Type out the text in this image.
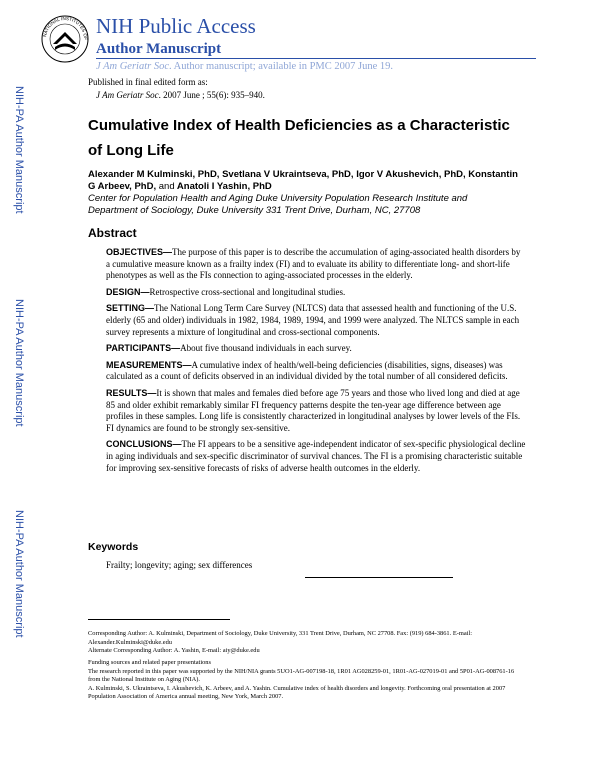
NATIONAL INSTITUTES OF
NIH Public Access
Author Manuscript
J Am Geriatr Soc. Author manuscript; available in PMC 2007 June 19.
Published in final edited form as:
J Am Geriatr Soc. 2007 June ; 55(6): 935–940.
NIH-PA Author Manuscript
NIH-PA Author Manuscript
NIH-PA Author Manuscript
Cumulative Index of Health Deficiencies as a Characteristic of Long Life
Alexander M Kulminski, PhD, Svetlana V Ukraintseva, PhD, Igor V Akushevich, PhD, Konstantin G Arbeev, PhD, and Anatoli I Yashin, PhD
Center for Population Health and Aging Duke University Population Research Institute and Department of Sociology, Duke University 331 Trent Drive, Durham, NC, 27708
Abstract

OBJECTIVES—The purpose of this paper is to describe the accumulation of aging-associated health disorders by a cumulative measure known as a frailty index (FI) and to evaluate its ability to differentiate long- and short-life phenotypes as well as the FIs connection to aging-associated processes in the elderly.

DESIGN—Retrospective cross-sectional and longitudinal studies.

SETTING—The National Long Term Care Survey (NLTCS) data that assessed health and functioning of the U.S. elderly (65 and older) individuals in 1982, 1984, 1989, 1994, and 1999 were analyzed. The NLTCS sample in each survey represents a mixture of longitudinal and cross-sectional components.

PARTICIPANTS—About five thousand individuals in each survey.

MEASUREMENTS—A cumulative index of health/well-being deficiencies (disabilities, signs, diseases) was calculated as a count of deficits observed in an individual divided by the total number of all considered deficits.

RESULTS—It is shown that males and females died before age 75 years and those who lived long and died at age 85 and older exhibit remarkably similar FI frequency patterns despite the ten-year age difference between age profiles in these samples. Long life is consistently characterized in longitudinal analyses by lower levels of the FIs. FI dynamics are found to be strongly sex-sensitive.

CONCLUSIONS—The FI appears to be a sensitive age-independent indicator of sex-specific physiological decline in aging individuals and sex-specific discriminator of survival chances. The FI is a promising characteristic suitable for improving sex-sensitive forecasts of risks of adverse health outcomes in the elderly.

Keywords
Frailty; longevity; aging; sex differences
Corresponding Author: A. Kulminski, Department of Sociology, Duke University, 331 Trent Drive, Durham, NC 27708. Fax: (919) 684-3861. E-mail: Alexander.Kulminski@duke.edu
Alternate Corresponding Author: A. Yashin, E-mail: aiy@duke.edu
Funding sources and related paper presentations
The research reported in this paper was supported by the NIH/NIA grants 5UO1-AG-007198-18, 1R01 AG028259-01, 1R01-AG-027019-01 and 5P01-AG-008761-16 from the National Institute on Aging (NIA).
A. Kulminski, S. Ukraintseva, I. Akushevich, K. Arbeev, and A. Yashin. Cumulative index of health disorders and longevity. Forthcoming oral presentation at 2007 Population Association of America annual meeting, New York, March 2007.
